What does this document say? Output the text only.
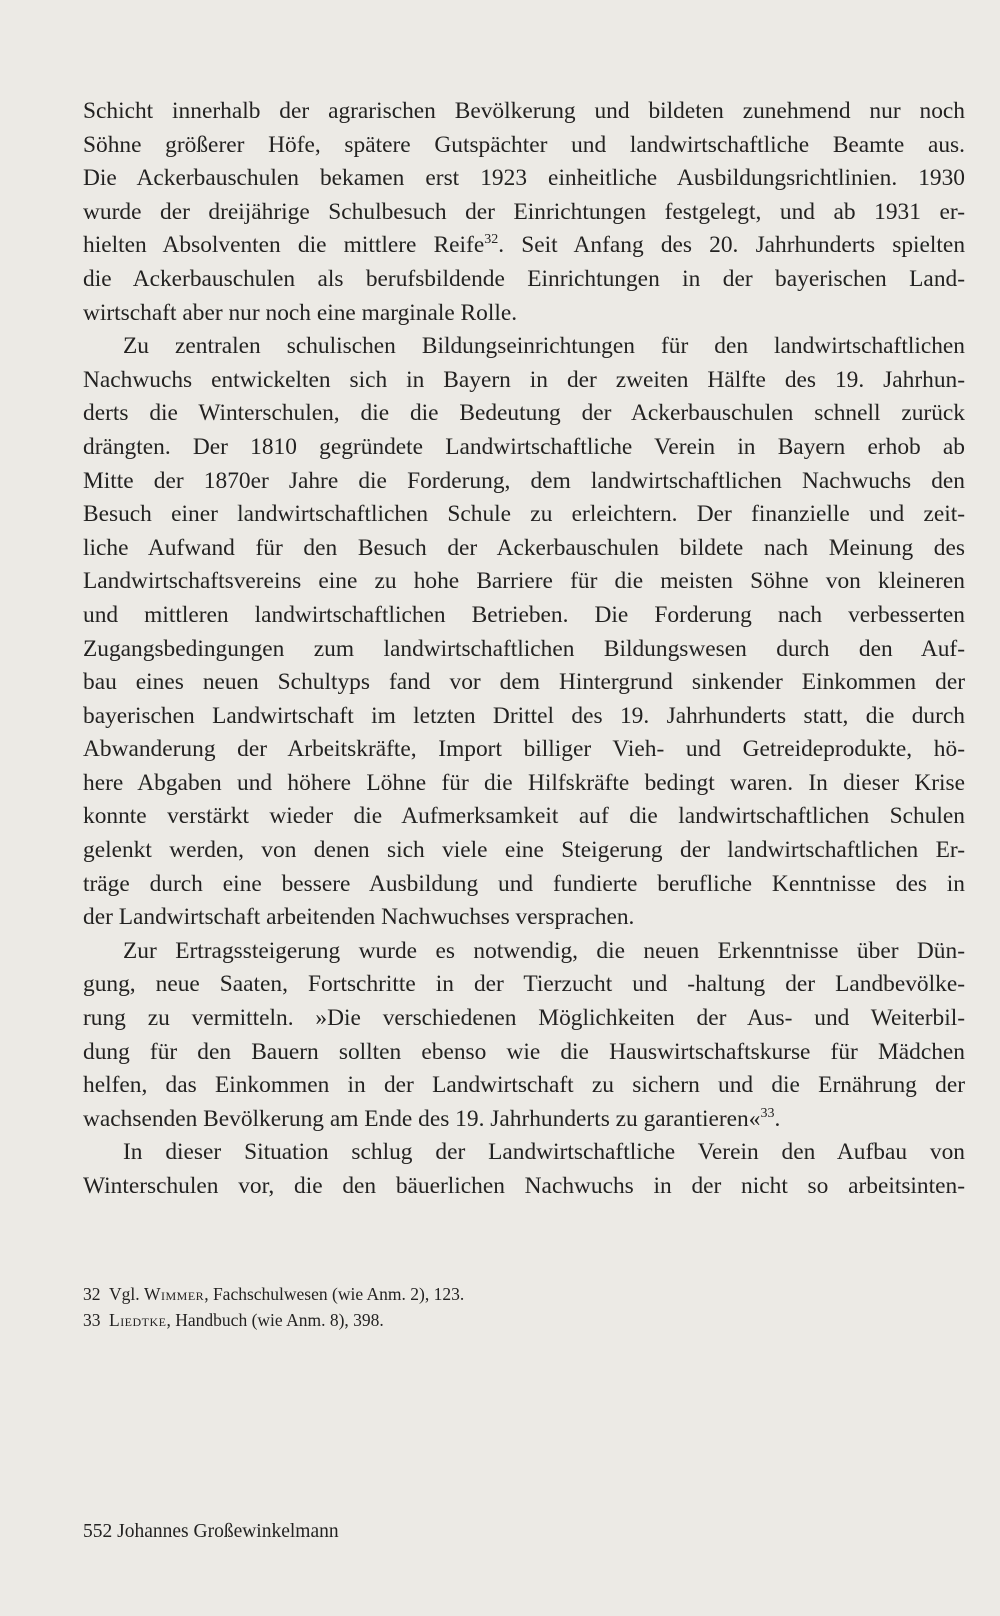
Schicht innerhalb der agrarischen Bevölkerung und bildeten zunehmend nur noch
Söhne größerer Höfe, spätere Gutspächter und landwirtschaftliche Beamte aus.
Die Ackerbauschulen bekamen erst 1923 einheitliche Ausbildungsrichtlinien. 1930
wurde der dreijährige Schulbesuch der Einrichtungen festgelegt, und ab 1931 er-
hielten Absolventen die mittlere Reife$^{32}$. Seit Anfang des 20. Jahrhunderts spielten
die Ackerbauschulen als berufsbildende Einrichtungen in der bayerischen Land-
wirtschaft aber nur noch eine marginale Rolle.
Zu zentralen schulischen Bildungseinrichtungen für den landwirtschaftlichen
Nachwuchs entwickelten sich in Bayern in der zweiten Hälfte des 19. Jahrhun-
derts die Winterschulen, die die Bedeutung der Ackerbauschulen schnell zurück
drängten. Der 1810 gegründete Landwirtschaftliche Verein in Bayern erhob ab
Mitte der 1870er Jahre die Forderung, dem landwirtschaftlichen Nachwuchs den
Besuch einer landwirtschaftlichen Schule zu erleichtern. Der finanzielle und zeit-
liche Aufwand für den Besuch der Ackerbauschulen bildete nach Meinung des
Landwirtschaftsvereins eine zu hohe Barriere für die meisten Söhne von kleineren
und mittleren landwirtschaftlichen Betrieben. Die Forderung nach verbesserten
Zugangsbedingungen zum landwirtschaftlichen Bildungswesen durch den Auf-
bau eines neuen Schultyps fand vor dem Hintergrund sinkender Einkommen der
bayerischen Landwirtschaft im letzten Drittel des 19. Jahrhunderts statt, die durch
Abwanderung der Arbeitskräfte, Import billiger Vieh- und Getreideprodukte, hö-
here Abgaben und höhere Löhne für die Hilfskräfte bedingt waren. In dieser Krise
konnte verstärkt wieder die Aufmerksamkeit auf die landwirtschaftlichen Schulen
gelenkt werden, von denen sich viele eine Steigerung der landwirtschaftlichen Er-
träge durch eine bessere Ausbildung und fundierte berufliche Kenntnisse des in
der Landwirtschaft arbeitenden Nachwuchses versprachen.
Zur Ertragssteigerung wurde es notwendig, die neuen Erkenntnisse über Dün-
gung, neue Saaten, Fortschritte in der Tierzucht und -haltung der Landbevölke-
rung zu vermitteln. »Die verschiedenen Möglichkeiten der Aus- und Weiterbil-
dung für den Bauern sollten ebenso wie die Hauswirtschaftskurse für Mädchen
helfen, das Einkommen in der Landwirtschaft zu sichern und die Ernährung der
wachsenden Bevölkerung am Ende des 19. Jahrhunderts zu garantieren«$^{33}$.
In dieser Situation schlug der Landwirtschaftliche Verein den Aufbau von
Winterschulen vor, die den bäuerlichen Nachwuchs in der nicht so arbeitsinten-
32 Vgl. Wimmer, Fachschulwesen (wie Anm. 2), 123.
33 Liedtke, Handbuch (wie Anm. 8), 398.
552 Johannes Großewinkelmann
